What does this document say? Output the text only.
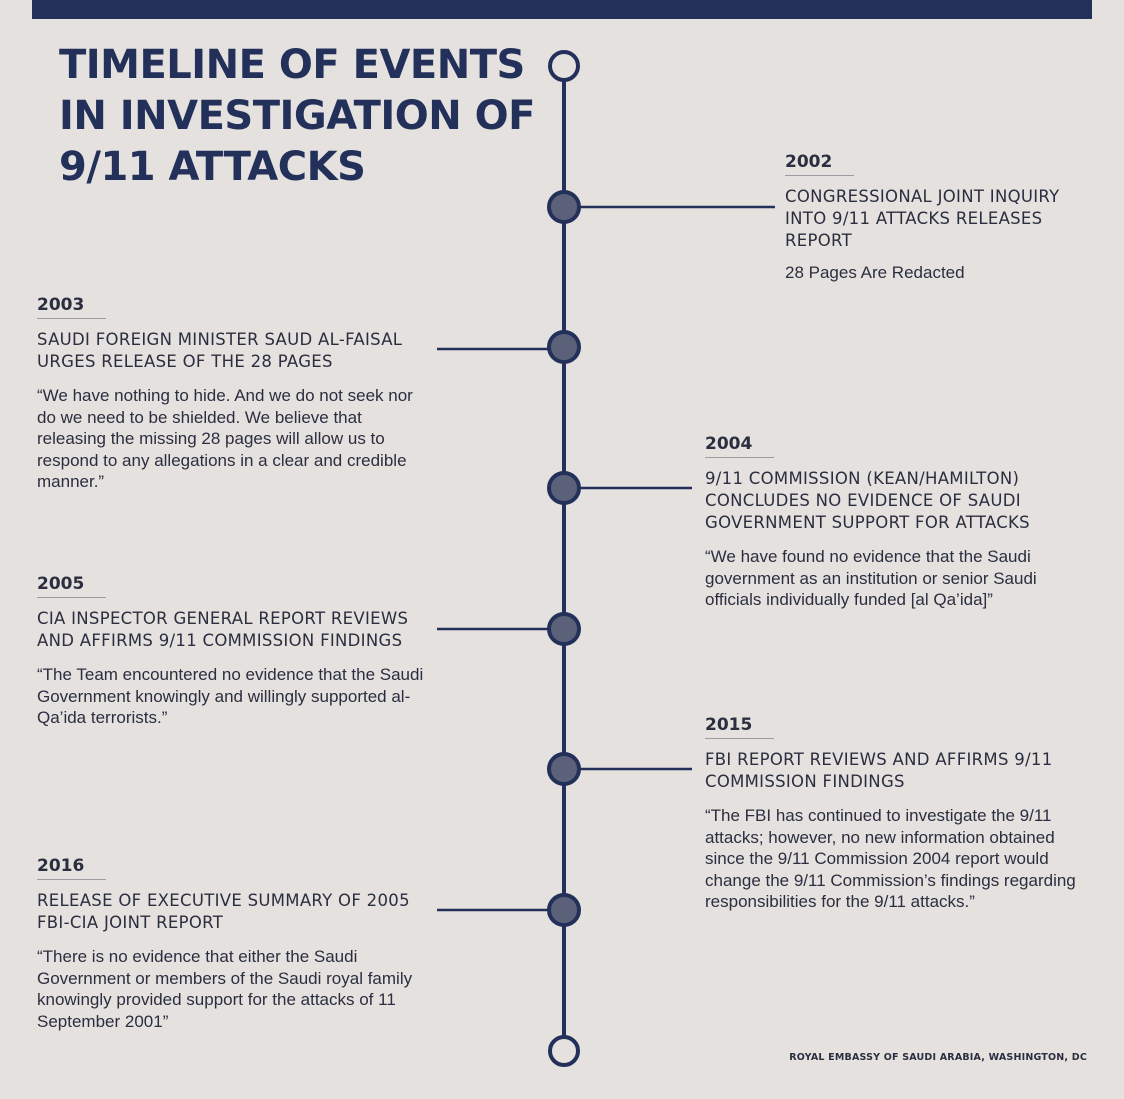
TIMELINE OF EVENTS
IN INVESTIGATION OF
9/11 ATTACKS	2002
CONGRESSIONAL JOINT INQUIRY INTO 9/11 ATTACKS RELEASES REPORT
28 Pages Are Redacted
2003
SAUDI FOREIGN MINISTER SAUD AL-FAISAL URGES RELEASE OF THE 28 PAGES
“We have nothing to hide. And we do not seek nor do we need to be shielded. We believe that releasing the missing 28 pages will allow us to respond to any allegations in a clear and credible manner.”
2004
9/11 COMMISSION (KEAN/HAMILTON) CONCLUDES NO EVIDENCE OF SAUDI GOVERNMENT SUPPORT FOR ATTACKS
“We have found no evidence that the Saudi government as an institution or senior Saudi officials individually funded [al Qa’ida]”
2005
CIA INSPECTOR GENERAL REPORT REVIEWS AND AFFIRMS 9/11 COMMISSION FINDINGS
“The Team encountered no evidence that the Saudi Government knowingly and willingly supported al-Qa’ida terrorists.”	2015
FBI REPORT REVIEWS AND AFFIRMS 9/11 COMMISSION FINDINGS
“The FBI has continued to investigate the 9/11 attacks; however, no new information obtained since the 9/11 Commission 2004 report would change the 9/11 Commission’s findings regarding responsibilities for the 9/11 attacks.”
2016
RELEASE OF EXECUTIVE SUMMARY OF 2005 FBI-CIA JOINT REPORT
“There is no evidence that either the Saudi Government or members of the Saudi royal family knowingly provided support for the attacks of 11 September 2001”
ROYAL EMBASSY OF SAUDI ARABIA, WASHINGTON, DC
